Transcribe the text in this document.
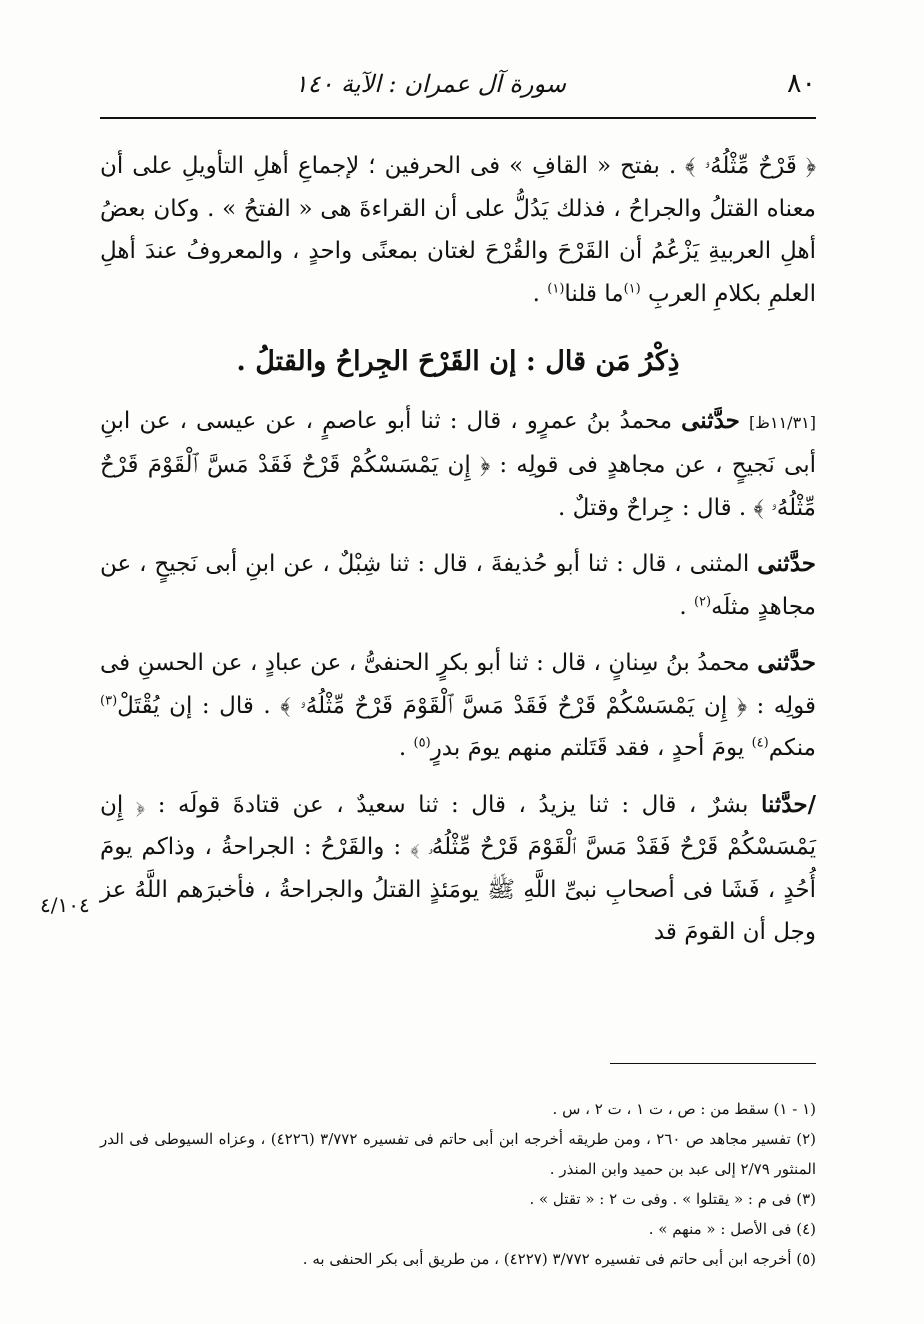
٨٠
سورة آل عمران : الآية ١٤٠

﴿ قَرْحٌ مِّثْلُهُۥ ﴾ . بفتح « القافِ » فى الحرفين ؛ لإجماعِ أهلِ التأويلِ على أن معناه القتلُ والجراحُ ، فذلك يَدُلُّ على أن القراءةَ هى « الفتحُ » . وكان بعضُ أهلِ العربيةِ يَزْعُمُ أن القَرْحَ والقُرْحَ لغتان بمعنًى واحدٍ ، والمعروفُ عندَ أهلِ العلمِ بكلامِ العربِ $^{(١)}$ما قلنا$^{(١)}$ .

ذِكْرُ مَن قال : إن القَرْحَ الجِراحُ والقتلُ .

[١١/٣١ظ] حدَّثنى محمدُ بنُ عمرٍو ، قال : ثنا أبو عاصمٍ ، عن عيسى ، عن ابنِ أبى نَجيحٍ ، عن مجاهدٍ فى قولِه : ﴿ إِن يَمْسَسْكُمْ قَرْحٌ فَقَدْ مَسَّ ٱلْقَوْمَ قَرْحٌ مِّثْلُهُۥ ﴾ . قال : جِراحٌ وقتلٌ .

حدَّثنى المثنى ، قال : ثنا أبو حُذيفةَ ، قال : ثنا شِبْلٌ ، عن ابنِ أبى نَجيحٍ ، عن مجاهدٍ مثلَه$^{(٢)}$ .

حدَّثنى محمدُ بنُ سِنانٍ ، قال : ثنا أبو بكرٍ الحنفىُّ ، عن عبادٍ ، عن الحسنِ فى قولِه : ﴿ إِن يَمْسَسْكُمْ قَرْحٌ فَقَدْ مَسَّ ٱلْقَوْمَ قَرْحٌ مِّثْلُهُۥ ﴾ . قال : إن يُقْتَلْ$^{(٣)}$ منكم$^{(٤)}$ يومَ أحدٍ ، فقد قَتَلتم منهم يومَ بدرٍ$^{(٥)}$ .

/حدَّثنا بشرٌ ، قال : ثنا يزيدُ ، قال : ثنا سعيدٌ ، عن قتادةَ قولَه : ﴿ إِن يَمْسَسْكُمْ قَرْحٌ فَقَدْ مَسَّ ٱلْقَوْمَ قَرْحٌ مِّثْلُهُۥ ﴾ : والقَرْحُ : الجراحةُ ، وذاكم يومَ أُحُدٍ ، فَشَا فى أصحابِ نبىِّ اللَّهِ ﷺ يومَئذٍ القتلُ والجراحةُ ، فأخبرَهم اللَّهُ عز وجل أن القومَ قد

٤/١٠٤

(١ - ١) سقط من : ص ، ت ١ ، ت ٢ ، س .

(٢) تفسير مجاهد ص ٢٦٠ ، ومن طريقه أخرجه ابن أبى حاتم فى تفسيره ٣/٧٧٢ (٤٢٢٦) ، وعزاه السيوطى فى الدر المنثور ٢/٧٩ إلى عبد بن حميد وابن المنذر .

(٣) فى م : « يقتلوا » . وفى ت ٢ : « تقتل » .

(٤) فى الأصل : « منهم » .

(٥) أخرجه ابن أبى حاتم فى تفسيره ٣/٧٧٢ (٤٢٢٧) ، من طريق أبى بكر الحنفى به .
